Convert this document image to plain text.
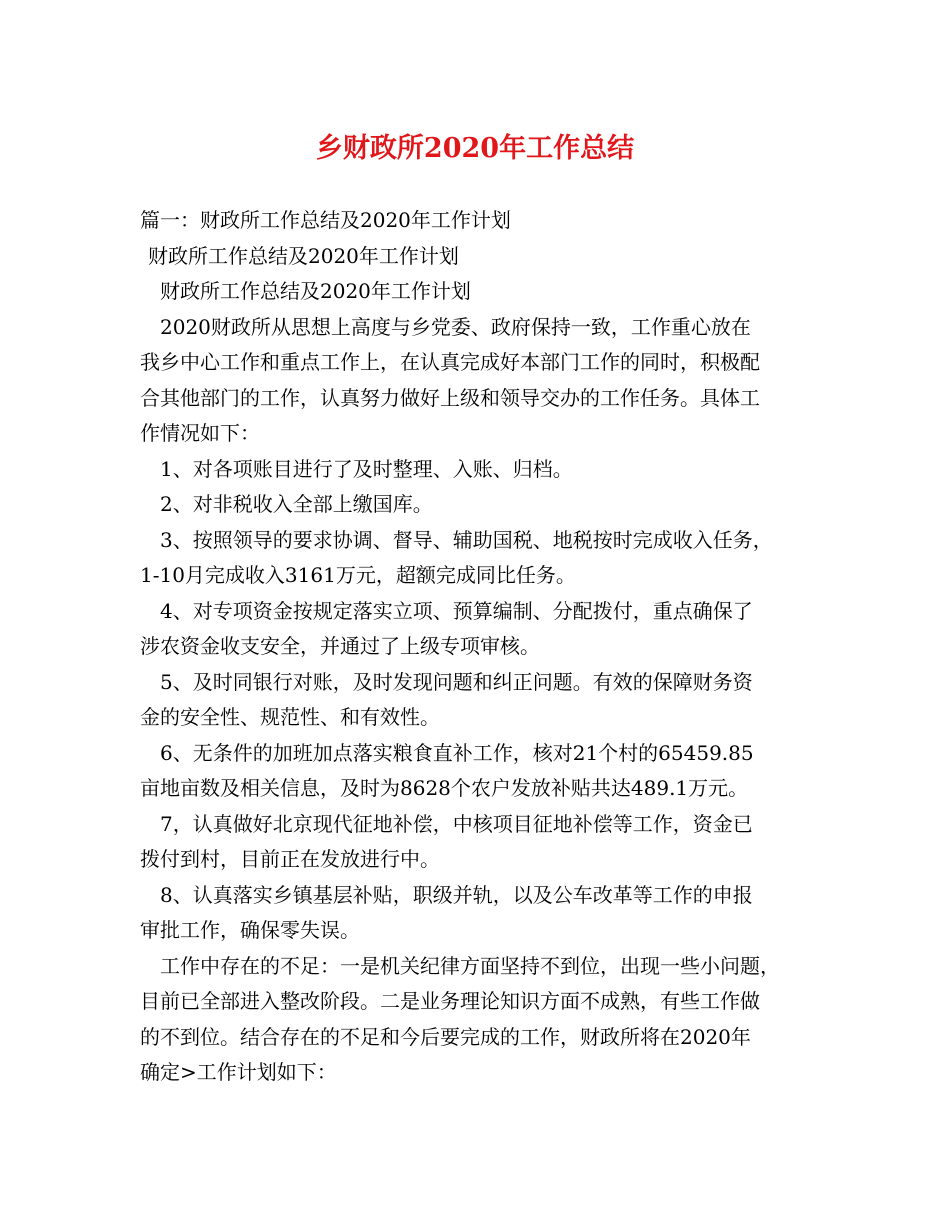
乡财政所2020年工作总结
篇一：财政所工作总结及2020年工作计划
财政所工作总结及2020年工作计划
财政所工作总结及2020年工作计划
2020财政所从思想上高度与乡党委、政府保持一致，工作重心放在
我乡中心工作和重点工作上，在认真完成好本部门工作的同时，积极配
合其他部门的工作，认真努力做好上级和领导交办的工作任务。具体工
作情况如下：
1、对各项账目进行了及时整理、入账、归档。
2、对非税收入全部上缴国库。
3、按照领导的要求协调、督导、辅助国税、地税按时完成收入任务，
1-10月完成收入3161万元，超额完成同比任务。
4、对专项资金按规定落实立项、预算编制、分配拨付，重点确保了
涉农资金收支安全，并通过了上级专项审核。
5、及时同银行对账，及时发现问题和纠正问题。有效的保障财务资
金的安全性、规范性、和有效性。
6、无条件的加班加点落实粮食直补工作，核对21个村的65459.85
亩地亩数及相关信息，及时为8628个农户发放补贴共达489.1万元。
7，认真做好北京现代征地补偿，中核项目征地补偿等工作，资金已
拨付到村，目前正在发放进行中。
8、认真落实乡镇基层补贴，职级并轨，以及公车改革等工作的申报
审批工作，确保零失误。
工作中存在的不足：一是机关纪律方面坚持不到位，出现一些小问题，
目前已全部进入整改阶段。二是业务理论知识方面不成熟，有些工作做
的不到位。结合存在的不足和今后要完成的工作，财政所将在2020年
确定>工作计划如下：
